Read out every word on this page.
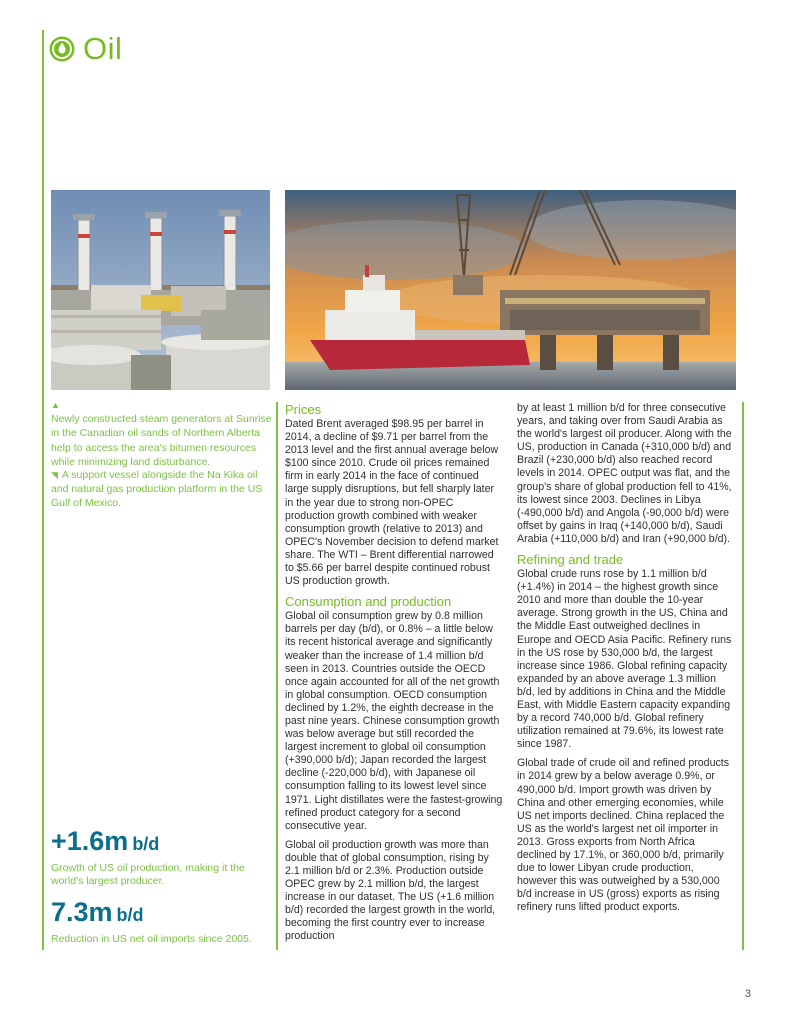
Oil
▲
Newly constructed steam generators at Sunrise in the Canadian oil sands of Northern Alberta help to access the area's bitumen resources while minimizing land disturbance.
◥ A support vessel alongside the Na Kika oil and natural gas production platform in the US Gulf of Mexico.
+1.6m b/d
Growth of US oil production, making it the world's largest producer.
7.3m b/d
Reduction in US net oil imports since 2005.
Prices

Dated Brent averaged $98.95 per barrel in 2014, a decline of $9.71 per barrel from the 2013 level and the first annual average below $100 since 2010. Crude oil prices remained firm in early 2014 in the face of continued large supply disruptions, but fell sharply later in the year due to strong non-OPEC production growth combined with weaker consumption growth (relative to 2013) and OPEC's November decision to defend market share. The WTI – Brent differential narrowed to $5.66 per barrel despite continued robust US production growth.

Consumption and production

Global oil consumption grew by 0.8 million barrels per day (b/d), or 0.8% – a little below its recent historical average and significantly weaker than the increase of 1.4 million b/d seen in 2013. Countries outside the OECD once again accounted for all of the net growth in global consumption. OECD consumption declined by 1.2%, the eighth decrease in the past nine years. Chinese consumption growth was below average but still recorded the largest increment to global oil consumption (+390,000 b/d); Japan recorded the largest decline (-220,000 b/d), with Japanese oil consumption falling to its lowest level since 1971. Light distillates were the fastest-growing refined product category for a second consecutive year.

Global oil production growth was more than double that of global consumption, rising by 2.1 million b/d or 2.3%. Production outside OPEC grew by 2.1 million b/d, the largest increase in our dataset. The US (+1.6 million b/d) recorded the largest growth in the world, becoming the first country ever to increase production

by at least 1 million b/d for three consecutive years, and taking over from Saudi Arabia as the world's largest oil producer. Along with the US, production in Canada (+310,000 b/d) and Brazil (+230,000 b/d) also reached record levels in 2014. OPEC output was flat, and the group's share of global production fell to 41%, its lowest since 2003. Declines in Libya (-490,000 b/d) and Angola (-90,000 b/d) were offset by gains in Iraq (+140,000 b/d), Saudi Arabia (+110,000 b/d) and Iran (+90,000 b/d).

Refining and trade

Global crude runs rose by 1.1 million b/d (+1.4%) in 2014 – the highest growth since 2010 and more than double the 10-year average. Strong growth in the US, China and the Middle East outweighed declines in Europe and OECD Asia Pacific. Refinery runs in the US rose by 530,000 b/d, the largest increase since 1986. Global refining capacity expanded by an above average 1.3 million b/d, led by additions in China and the Middle East, with Middle Eastern capacity expanding by a record 740,000 b/d. Global refinery utilization remained at 79.6%, its lowest rate since 1987.

Global trade of crude oil and refined products in 2014 grew by a below average 0.9%, or 490,000 b/d. Import growth was driven by China and other emerging economies, while US net imports declined. China replaced the US as the world's largest net oil importer in 2013. Gross exports from North Africa declined by 17.1%, or 360,000 b/d, primarily due to lower Libyan crude production, however this was outweighed by a 530,000 b/d increase in US (gross) exports as rising refinery runs lifted product exports.

3
